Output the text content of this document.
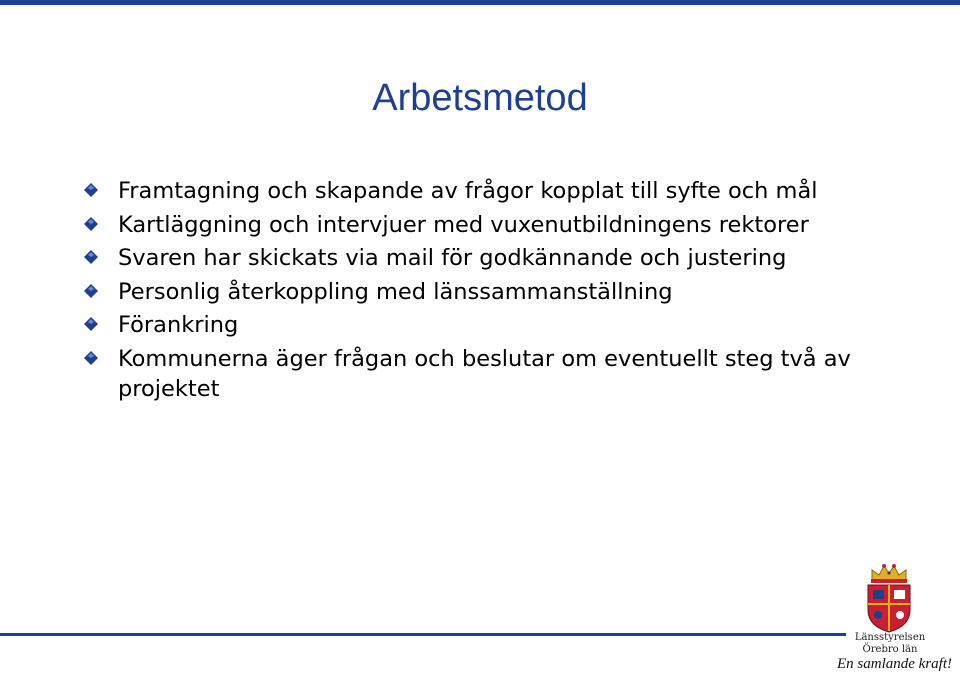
Arbetsmetod
Framtagning och skapande av frågor kopplat till syfte och mål
Kartläggning och intervjuer med vuxenutbildningens rektorer
Svaren har skickats via mail för godkännande och justering
Personlig återkoppling med länssammanställning
Förankring
Kommunerna äger frågan och beslutar om eventuellt steg två av projektet
Länsstyrelsen
Örebro län
En samlande kraft!
